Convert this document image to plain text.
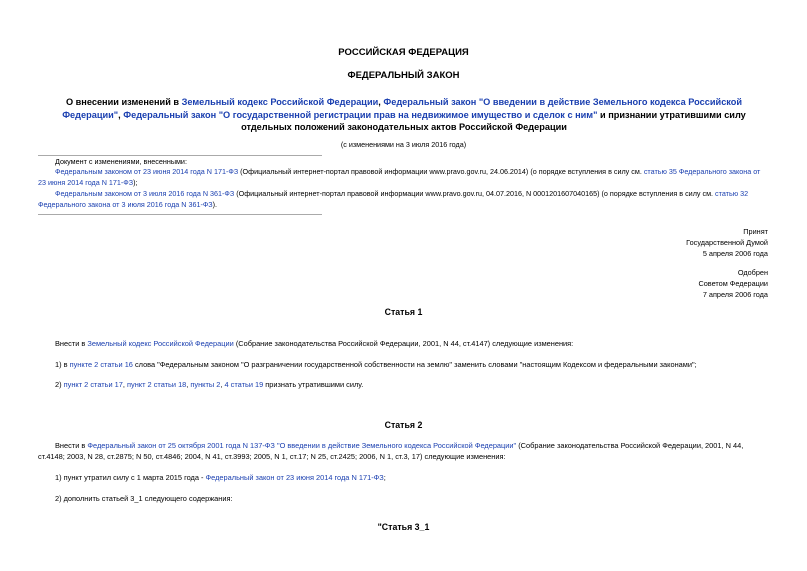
РОССИЙСКАЯ ФЕДЕРАЦИЯ
ФЕДЕРАЛЬНЫЙ ЗАКОН
О внесении изменений в Земельный кодекс Российской Федерации, Федеральный закон "О введении в действие Земельного кодекса Российской Федерации", Федеральный закон "О государственной регистрации прав на недвижимое имущество и сделок с ним" и признании утратившими силу отдельных положений законодательных актов Российской Федерации
(с изменениями на 3 июля 2016 года)
Документ с изменениями, внесенными:
Федеральным законом от 23 июня 2014 года N 171-ФЗ (Официальный интернет-портал правовой информации www.pravo.gov.ru, 24.06.2014) (о порядке вступления в силу см. статью 35 Федерального закона от 23 июня 2014 года N 171-ФЗ);
Федеральным законом от 3 июля 2016 года N 361-ФЗ (Официальный интернет-портал правовой информации www.pravo.gov.ru, 04.07.2016, N 0001201607040165) (о порядке вступления в силу см. статью 32 Федерального закона от 3 июля 2016 года N 361-ФЗ).
Принят
Государственной Думой
5 апреля 2006 года
Одобрен
Советом Федерации
7 апреля 2006 года
Статья 1
Внести в Земельный кодекс Российской Федерации (Собрание законодательства Российской Федерации, 2001, N 44, ст.4147) следующие изменения:
1) в пункте 2 статьи 16 слова "Федеральным законом "О разграничении государственной собственности на землю" заменить словами "настоящим Кодексом и федеральными законами";
2) пункт 2 статьи 17, пункт 2 статьи 18, пункты 2, 4 статьи 19 признать утратившими силу.
Статья 2
Внести в Федеральный закон от 25 октября 2001 года N 137-ФЗ "О введении в действие Земельного кодекса Российской Федерации" (Собрание законодательства Российской Федерации, 2001, N 44, ст.4148; 2003, N 28, ст.2875; N 50, ст.4846; 2004, N 41, ст.3993; 2005, N 1, ст.17; N 25, ст.2425; 2006, N 1, ст.3, 17) следующие изменения:
1) пункт утратил силу с 1 марта 2015 года - Федеральный закон от 23 июня 2014 года N 171-ФЗ;
2) дополнить статьей 3_1 следующего содержания:
"Статья 3_1
